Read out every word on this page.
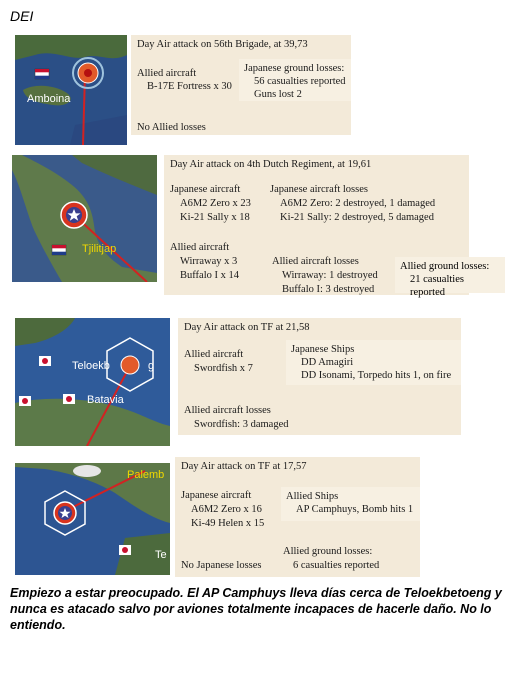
DEI
Amboina
Day Air attack on 56th Brigade, at 39,73
Allied aircraft
B-17E Fortress x 30
Japanese ground losses:
56 casualties reported
Guns lost 2
No Allied losses
Tjilitjap
Day Air attack on 4th Dutch Regiment, at 19,61
Japanese aircraft
A6M2 Zero x 23
Ki-21 Sally x 18
Japanese aircraft losses
A6M2 Zero: 2 destroyed, 1 damaged
Ki-21 Sally: 2 destroyed, 5 damaged
Allied aircraft
Wirraway x 3
Buffalo I x 14
Allied aircraft losses
Wirraway: 1 destroyed
Buffalo I: 3 destroyed
Allied ground losses:
21 casualties reported
Teloekb	g
Batavia
Day Air attack on TF at 21,58
Allied aircraft
Swordfish x 7
Japanese Ships
DD Amagiri
DD Isonami, Torpedo hits 1, on fire
Allied aircraft losses
Swordfish: 3 damaged
Palemb
Te
Day Air attack on TF at 17,57
Japanese aircraft
A6M2 Zero x 16
Ki-49 Helen x 15
Allied Ships
AP Camphuys, Bomb hits 1
Allied ground losses:
6 casualties reported
No Japanese losses
Empiezo a estar preocupado. El AP Camphuys lleva días cerca de Teloekbetoeng y nunca es atacado salvo por aviones totalmente incapaces de hacerle daño. No lo entiendo.
